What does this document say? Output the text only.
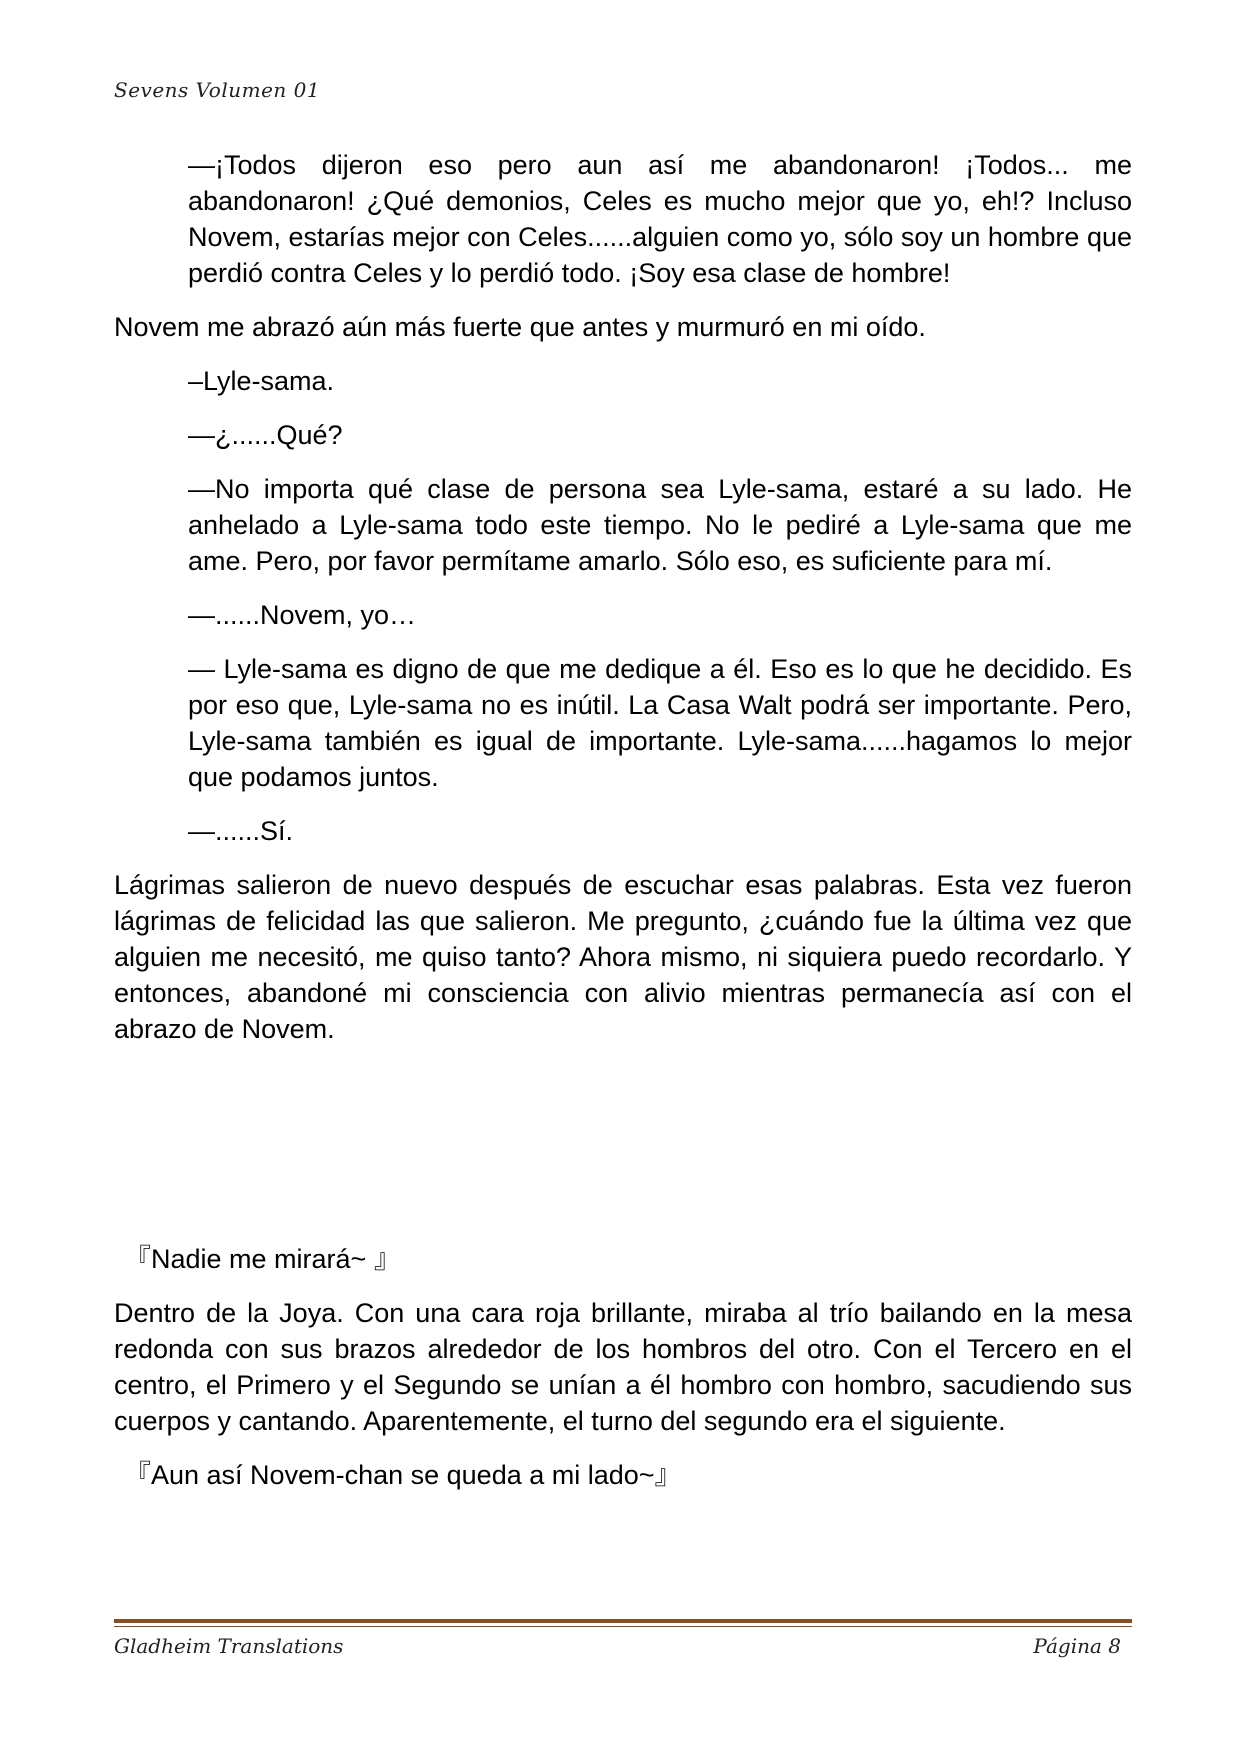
Sevens Volumen 01

—¡Todos dijeron eso pero aun así me abandonaron! ¡Todos... me abandonaron! ¿Qué demonios, Celes es mucho mejor que yo, eh!? Incluso Novem, estarías mejor con Celes......alguien como yo, sólo soy un hombre que perdió contra Celes y lo perdió todo. ¡Soy esa clase de hombre!

Novem me abrazó aún más fuerte que antes y murmuró en mi oído.

–Lyle-sama.

—¿......Qué?

—No importa qué clase de persona sea Lyle-sama, estaré a su lado. He anhelado a Lyle-sama todo este tiempo. No le pediré a Lyle-sama que me ame. Pero, por favor permítame amarlo. Sólo eso, es suficiente para mí.

—......Novem, yo…

— Lyle-sama es digno de que me dedique a él. Eso es lo que he decidido. Es por eso que, Lyle-sama no es inútil. La Casa Walt podrá ser importante. Pero, Lyle-sama también es igual de importante. Lyle-sama......hagamos lo mejor que podamos juntos.

—......Sí.

Lágrimas salieron de nuevo después de escuchar esas palabras. Esta vez fueron lágrimas de felicidad las que salieron. Me pregunto, ¿cuándo fue la última vez que alguien me necesitó, me quiso tanto? Ahora mismo, ni siquiera puedo recordarlo. Y entonces, abandoné mi consciencia con alivio mientras permanecía así con el abrazo de Novem.

『Nadie me mirará~ 』

Dentro de la Joya. Con una cara roja brillante, miraba al trío bailando en la mesa redonda con sus brazos alrededor de los hombros del otro. Con el Tercero en el centro, el Primero y el Segundo se unían a él hombro con hombro, sacudiendo sus cuerpos y cantando. Aparentemente, el turno del segundo era el siguiente.

『Aun así Novem-chan se queda a mi lado~』

Gladheim Translations	Página 8
